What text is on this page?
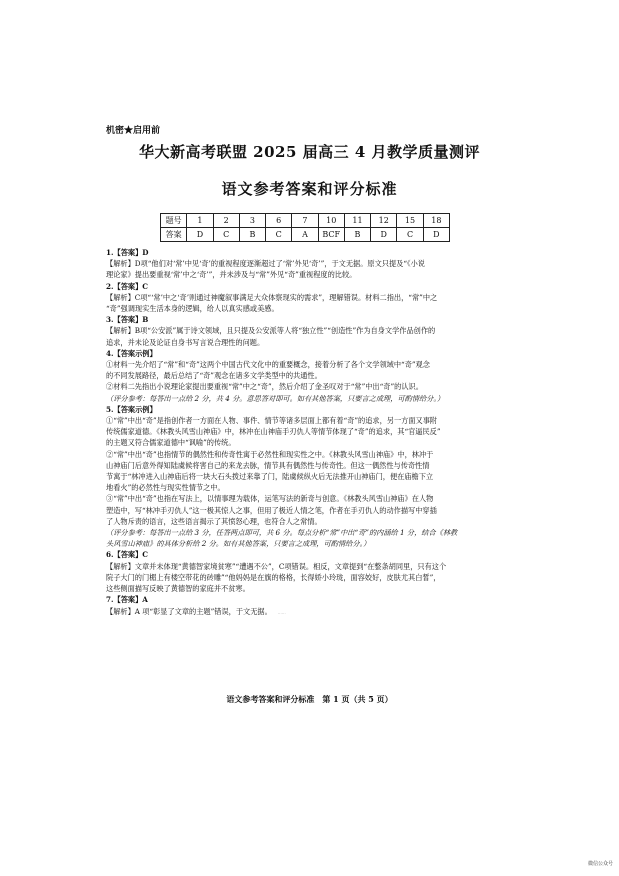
机密★启用前
华大新高考联盟 2025 届高三 4 月教学质量测评
语文参考答案和评分标准
题号	1	2	3	6	7	10	11	12	15	18
答案	D	C	B	C	A	BCF	B	D	C	D

1.【答案】D

【解析】D项“他们对‘常’中见‘奇’的重视程度逐渐超过了‘常’外见‘奇’”，于文无据。原文只提及“《小说

理论家》提出要重视‘常’中之‘奇’”，并未涉及与“常”外见“奇”重视程度的比较。

2.【答案】C

【解析】C项“‘常’中之‘奇’则通过神魔叙事满足大众体察现实的需求”，理解错误。材料二指出，“常”中之

“奇”强调现实生活本身的逻辑，给人以真实感或美感。

3.【答案】B

【解析】B项“公安派”属于诗文领域，且只提及公安派等人将“独立性”“创造性”作为自身文学作品创作的

追求，并未论及论证自身书写言说合理性的问题。

4.【答案示例】

①材料一先介绍了“常”和“奇”这两个中国古代文化中的重要概念，接着分析了各个文学领域中“奇”观念

的不同发展路径，最后总结了“奇”观念在诸多文学类型中的共通性。

②材料二先指出小说理论家提出要重视“常”中之“奇”，然后介绍了金圣叹对于“常”中出“奇”的认识。

（评分参考：每答出一点给 2 分，共 4 分。意思答对即可。如有其他答案，只要言之成理，可酌情给分。）

5.【答案示例】

①“常”中出“奇”是指创作者一方面在人物、事件、情节等诸多层面上都有着“奇”的追求，另一方面又事附

传统儒家道德。《林教头风雪山神庙》中，林冲在山神庙手刃仇人等情节体现了“奇”的追求，其“官逼民反”

的主题又符合儒家道德中“讽喻”的传统。

②“常”中出“奇”也指情节的偶然性和传奇性寓于必然性和现实性之中。《林教头风雪山神庙》中，林冲于

山神庙门后意外得知陆虞候将害自己的来龙去脉，情节具有偶然性与传奇性。但这一偶然性与传奇性情

节寓于“林冲进入山神庙后将一块大石头拨过来靠了门，陆虞候纵火后无法推开山神庙门，便在庙檐下立

地看火”的必然性与现实性情节之中。

③“常”中出“奇”也指在写法上，以情事理为载体，运笔写法的新奇与创意。《林教头风雪山神庙》在人物

塑造中，写“林冲手刃仇人”这一极其惊人之事，但用了极近人情之笔，作者在手刃仇人的动作描写中穿插

了人物斥责的语言，这些语言揭示了其愤怒心理，也符合人之常情。

（评分参考：每答出一点给 3 分，任答两点即可，共 6 分。每点分析“常”中出“奇”的内涵给 1 分，结合《林教

头风雪山神庙》的具体分析给 2 分。如有其他答案，只要言之成理，可酌情给分。）

6.【答案】C

【解析】文章并未体现“黄德智家境贫寒”“遭遇不公”，C项错误。相反，文章提到“在整条胡同里，只有这个

院子大门的门楣上有楼空带花的砖雕”“他妈妈是在旗的格格，长得娇小玲珑，面容姣好，皮肤尤其白皙”，

这些侧面描写反映了黄德智的家庭并不贫寒。

7.【答案】A

【解析】A 项“彰显了文章的主题”错误，于文无据。 ……

语文参考答案和评分标准　第 1 页（共 5 页）
微信公众号
